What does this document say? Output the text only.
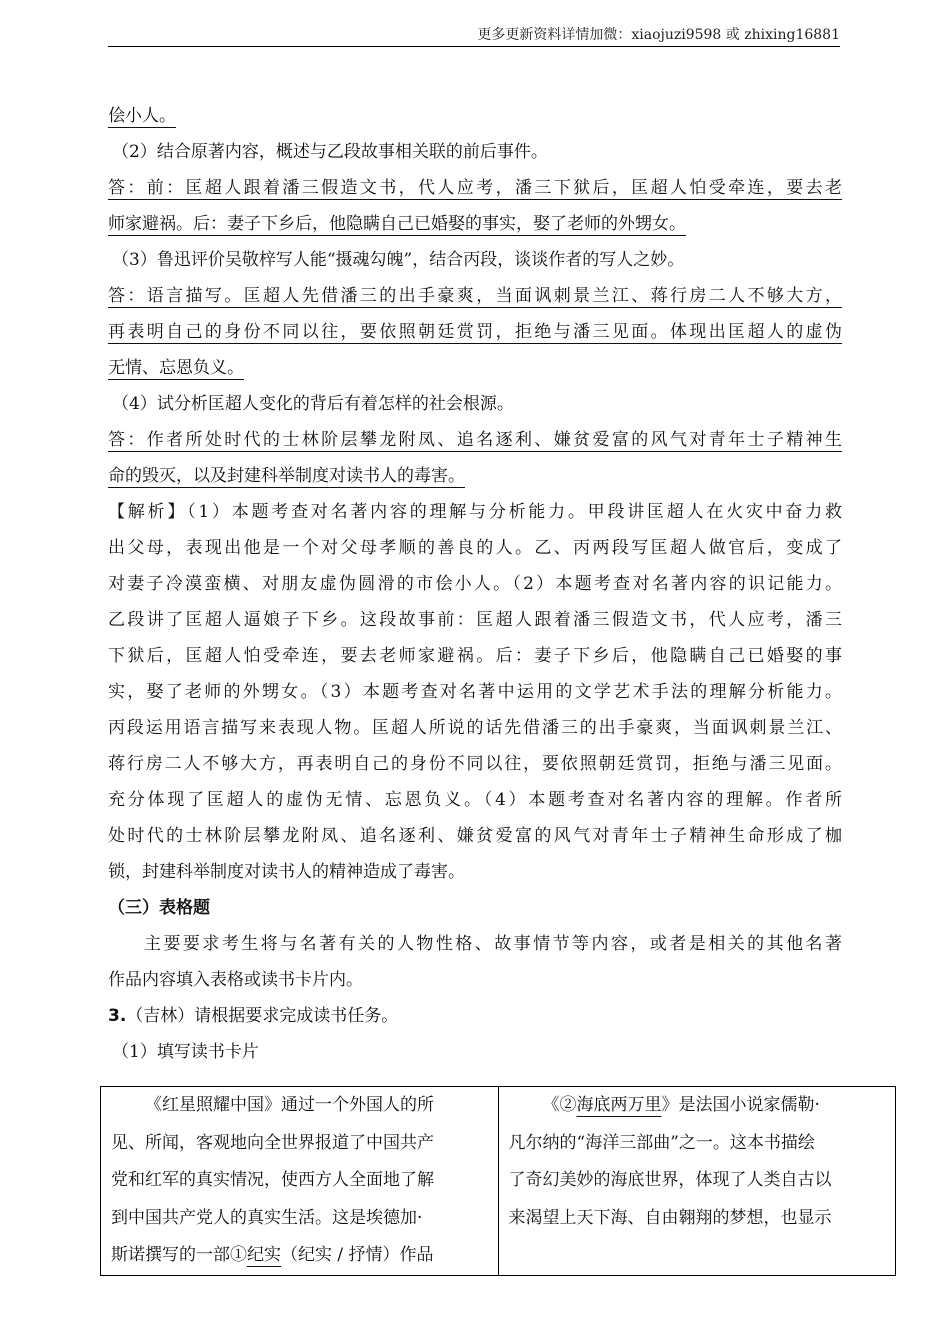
更多更新资料详情加微：xiaojuzi9598 或 zhixing16881
侩小人。
（2）结合原著内容，概述与乙段故事相关联的前后事件。
答：前：匡超人跟着潘三假造文书，代人应考，潘三下狱后，匡超人怕受牵连，要去老
师家避祸。后：妻子下乡后，他隐瞒自己已婚娶的事实，娶了老师的外甥女。
（3）鲁迅评价吴敬梓写人能“摄魂勾魄”，结合丙段，谈谈作者的写人之妙。
答：语言描写。匡超人先借潘三的出手豪爽，当面讽刺景兰江、蒋行房二人不够大方，
再表明自己的身份不同以往，要依照朝廷赏罚，拒绝与潘三见面。体现出匡超人的虚伪
无情、忘恩负义。
（4）试分析匡超人变化的背后有着怎样的社会根源。
答：作者所处时代的士林阶层攀龙附凤、追名逐利、嫌贫爱富的风气对青年士子精神生
命的毁灭，以及封建科举制度对读书人的毒害。
【解析】（1）本题考查对名著内容的理解与分析能力。甲段讲匡超人在火灾中奋力救
出父母，表现出他是一个对父母孝顺的善良的人。乙、丙两段写匡超人做官后，变成了
对妻子冷漠蛮横、对朋友虚伪圆滑的市侩小人。（2）本题考查对名著内容的识记能力。
乙段讲了匡超人逼娘子下乡。这段故事前：匡超人跟着潘三假造文书，代人应考，潘三
下狱后，匡超人怕受牵连，要去老师家避祸。后：妻子下乡后，他隐瞒自己已婚娶的事
实，娶了老师的外甥女。（3）本题考查对名著中运用的文学艺术手法的理解分析能力。
丙段运用语言描写来表现人物。匡超人所说的话先借潘三的出手豪爽，当面讽刺景兰江、
蒋行房二人不够大方，再表明自己的身份不同以往，要依照朝廷赏罚，拒绝与潘三见面。
充分体现了匡超人的虚伪无情、忘恩负义。（4）本题考查对名著内容的理解。作者所
处时代的士林阶层攀龙附凤、追名逐利、嫌贫爱富的风气对青年士子精神生命形成了枷
锁，封建科举制度对读书人的精神造成了毒害。
（三）表格题
主要要求考生将与名著有关的人物性格、故事情节等内容，或者是相关的其他名著
作品内容填入表格或读书卡片内。
3.（吉林）请根据要求完成读书任务。
（1）填写读书卡片
《红星照耀中国》通过一个外国人的所
见、所闻，客观地向全世界报道了中国共产
党和红军的真实情况，使西方人全面地了解
到中国共产党人的真实生活。这是埃德加·
斯诺撰写的一部①纪实（纪实 / 抒情）作品

《②海底两万里》是法国小说家儒勒·
凡尔纳的“海洋三部曲”之一。这本书描绘
了奇幻美妙的海底世界，体现了人类自古以
来渴望上天下海、自由翱翔的梦想，也显示
